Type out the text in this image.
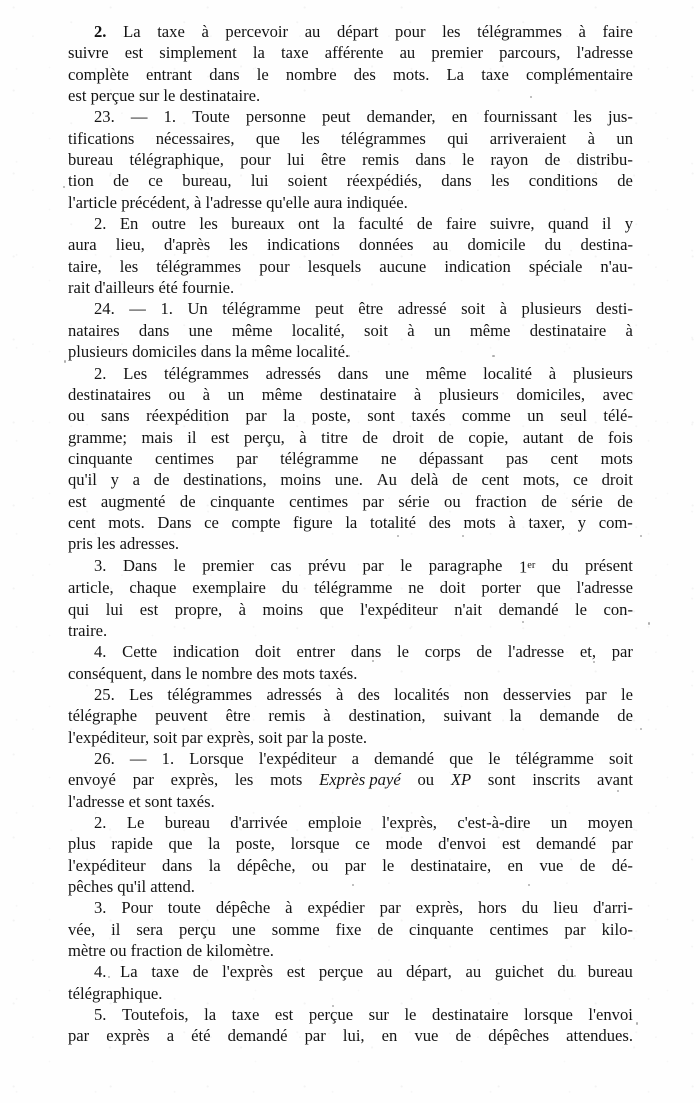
2. La taxe à percevoir au départ pour les télégrammes à faire
suivre est simplement la taxe afférente au premier parcours, l'adresse
complète entrant dans le nombre des mots. La taxe complémentaire
est perçue sur le destinataire.
23. — 1. Toute personne peut demander, en fournissant les jus-
tifications nécessaires, que les télégrammes qui arriveraient à un
bureau télégraphique, pour lui être remis dans le rayon de distribu-
tion de ce bureau, lui soient réexpédiés, dans les conditions de
l'article précédent, à l'adresse qu'elle aura indiquée.
2. En outre les bureaux ont la faculté de faire suivre, quand il y
aura lieu, d'après les indications données au domicile du destina-
taire, les télégrammes pour lesquels aucune indication spéciale n'au-
rait d'ailleurs été fournie.
24. — 1. Un télégramme peut être adressé soit à plusieurs desti-
nataires dans une même localité, soit à un même destinataire à
plusieurs domiciles dans la même localité.
2. Les télégrammes adressés dans une même localité à plusieurs
destinataires ou à un même destinataire à plusieurs domiciles, avec
ou sans réexpédition par la poste, sont taxés comme un seul télé-
gramme; mais il est perçu, à titre de droit de copie, autant de fois
cinquante centimes par télégramme ne dépassant pas cent mots
qu'il y a de destinations, moins une. Au delà de cent mots, ce droit
est augmenté de cinquante centimes par série ou fraction de série de
cent mots. Dans ce compte figure la totalité des mots à taxer, y com-
pris les adresses.
3. Dans le premier cas prévu par le paragraphe 1er du présent
article, chaque exemplaire du télégramme ne doit porter que l'adresse
qui lui est propre, à moins que l'expéditeur n'ait demandé le con-
traire.
4. Cette indication doit entrer dans le corps de l'adresse et, par
conséquent, dans le nombre des mots taxés.
25. Les télégrammes adressés à des localités non desservies par le
télégraphe peuvent être remis à destination, suivant la demande de
l'expéditeur, soit par exprès, soit par la poste.
26. — 1. Lorsque l'expéditeur a demandé que le télégramme soit
envoyé par exprès, les mots Exprès payé ou XP sont inscrits avant
l'adresse et sont taxés.
2. Le bureau d'arrivée emploie l'exprès, c'est-à-dire un moyen
plus rapide que la poste, lorsque ce mode d'envoi est demandé par
l'expéditeur dans la dépêche, ou par le destinataire, en vue de dé-
pêches qu'il attend.
3. Pour toute dépêche à expédier par exprès, hors du lieu d'arri-
vée, il sera perçu une somme fixe de cinquante centimes par kilo-
mètre ou fraction de kilomètre.
4. La taxe de l'exprès est perçue au départ, au guichet du bureau
télégraphique.
5. Toutefois, la taxe est perçue sur le destinataire lorsque l'envoi
par exprès a été demandé par lui, en vue de dépêches attendues.
